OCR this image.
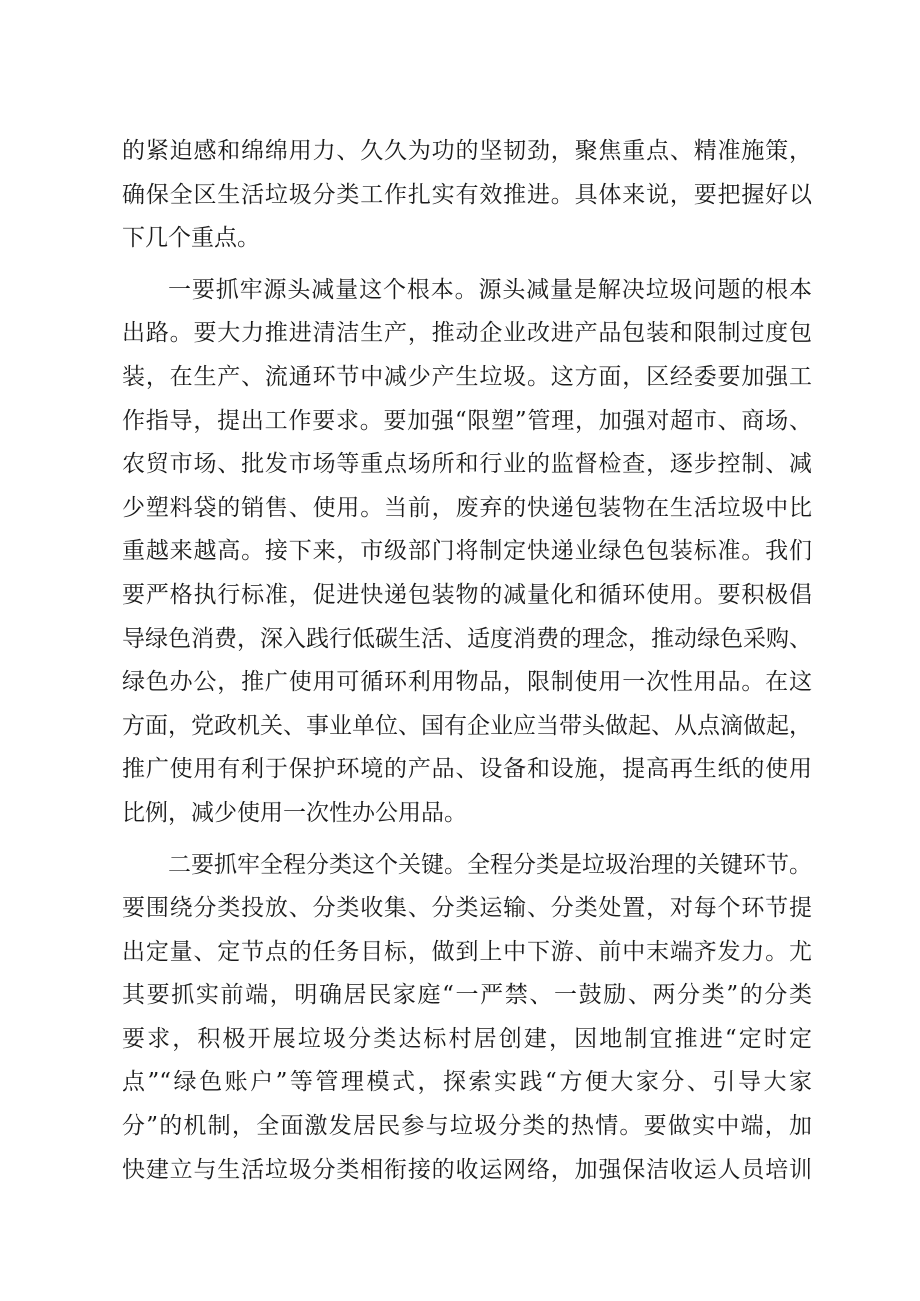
的紧迫感和绵绵用力、久久为功的坚韧劲，聚焦重点、精准施策，
确保全区生活垃圾分类工作扎实有效推进。具体来说，要把握好以
下几个重点。
一要抓牢源头减量这个根本。源头减量是解决垃圾问题的根本
出路。要大力推进清洁生产，推动企业改进产品包装和限制过度包
装，在生产、流通环节中减少产生垃圾。这方面，区经委要加强工
作指导，提出工作要求。要加强“限塑”管理，加强对超市、商场、
农贸市场、批发市场等重点场所和行业的监督检查，逐步控制、减
少塑料袋的销售、使用。当前，废弃的快递包装物在生活垃圾中比
重越来越高。接下来，市级部门将制定快递业绿色包装标准。我们
要严格执行标准，促进快递包装物的减量化和循环使用。要积极倡
导绿色消费，深入践行低碳生活、适度消费的理念，推动绿色采购、
绿色办公，推广使用可循环利用物品，限制使用一次性用品。在这
方面，党政机关、事业单位、国有企业应当带头做起、从点滴做起，
推广使用有利于保护环境的产品、设备和设施，提高再生纸的使用
比例，减少使用一次性办公用品。
二要抓牢全程分类这个关键。全程分类是垃圾治理的关键环节。
要围绕分类投放、分类收集、分类运输、分类处置，对每个环节提
出定量、定节点的任务目标，做到上中下游、前中末端齐发力。尤
其要抓实前端，明确居民家庭“一严禁、一鼓励、两分类”的分类
要求，积极开展垃圾分类达标村居创建，因地制宜推进“定时定
点”“绿色账户”等管理模式，探索实践“方便大家分、引导大家
分”的机制，全面激发居民参与垃圾分类的热情。要做实中端，加
快建立与生活垃圾分类相衔接的收运网络，加强保洁收运人员培训
